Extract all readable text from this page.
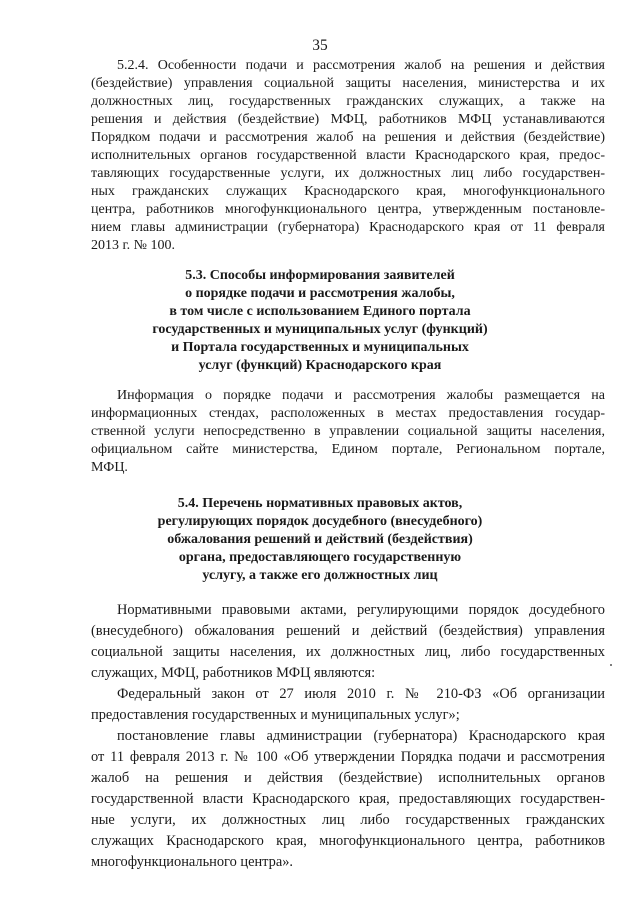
35
5.2.4. Особенности подачи и рассмотрения жалоб на решения и действия
(бездействие) управления социальной защиты населения, министерства и их
должностных лиц, государственных гражданских служащих, а также на
решения и действия (бездействие) МФЦ, работников МФЦ устанавливаются
Порядком подачи и рассмотрения жалоб на решения и действия (бездействие)
исполнительных органов государственной власти Краснодарского края, предос-
тавляющих государственные услуги, их должностных лиц либо государствен-
ных гражданских служащих Краснодарского края, многофункционального
центра, работников многофункционального центра, утвержденным постановле-
нием главы администрации (губернатора) Краснодарского края от 11 февраля
2013 г. № 100.
5.3. Способы информирования заявителей
о порядке подачи и рассмотрения жалобы,
в том числе с использованием Единого портала
государственных и муниципальных услуг (функций)
и Портала государственных и муниципальных
услуг (функций) Краснодарского края
Информация о порядке подачи и рассмотрения жалобы размещается на
информационных стендах, расположенных в местах предоставления государ-
ственной услуги непосредственно в управлении социальной защиты населения,
официальном сайте министерства, Едином портале, Региональном портале,
МФЦ.
5.4. Перечень нормативных правовых актов,
регулирующих порядок досудебного (внесудебного)
обжалования решений и действий (бездействия)
органа, предоставляющего государственную
услугу, а также его должностных лиц
Нормативными правовыми актами, регулирующими порядок досудебного
(внесудебного) обжалования решений и действий (бездействия) управления
социальной защиты населения, их должностных лиц, либо государственных
служащих, МФЦ, работников МФЦ являются:
Федеральный закон от 27 июля 2010 г. № 210-ФЗ «Об организации
предоставления государственных и муниципальных услуг»;
постановление главы администрации (губернатора) Краснодарского края
от 11 февраля 2013 г. № 100 «Об утверждении Порядка подачи и рассмотрения
жалоб на решения и действия (бездействие) исполнительных органов
государственной власти Краснодарского края, предоставляющих государствен-
ные услуги, их должностных лиц либо государственных гражданских
служащих Краснодарского края, многофункционального центра, работников
многофункционального центра».
